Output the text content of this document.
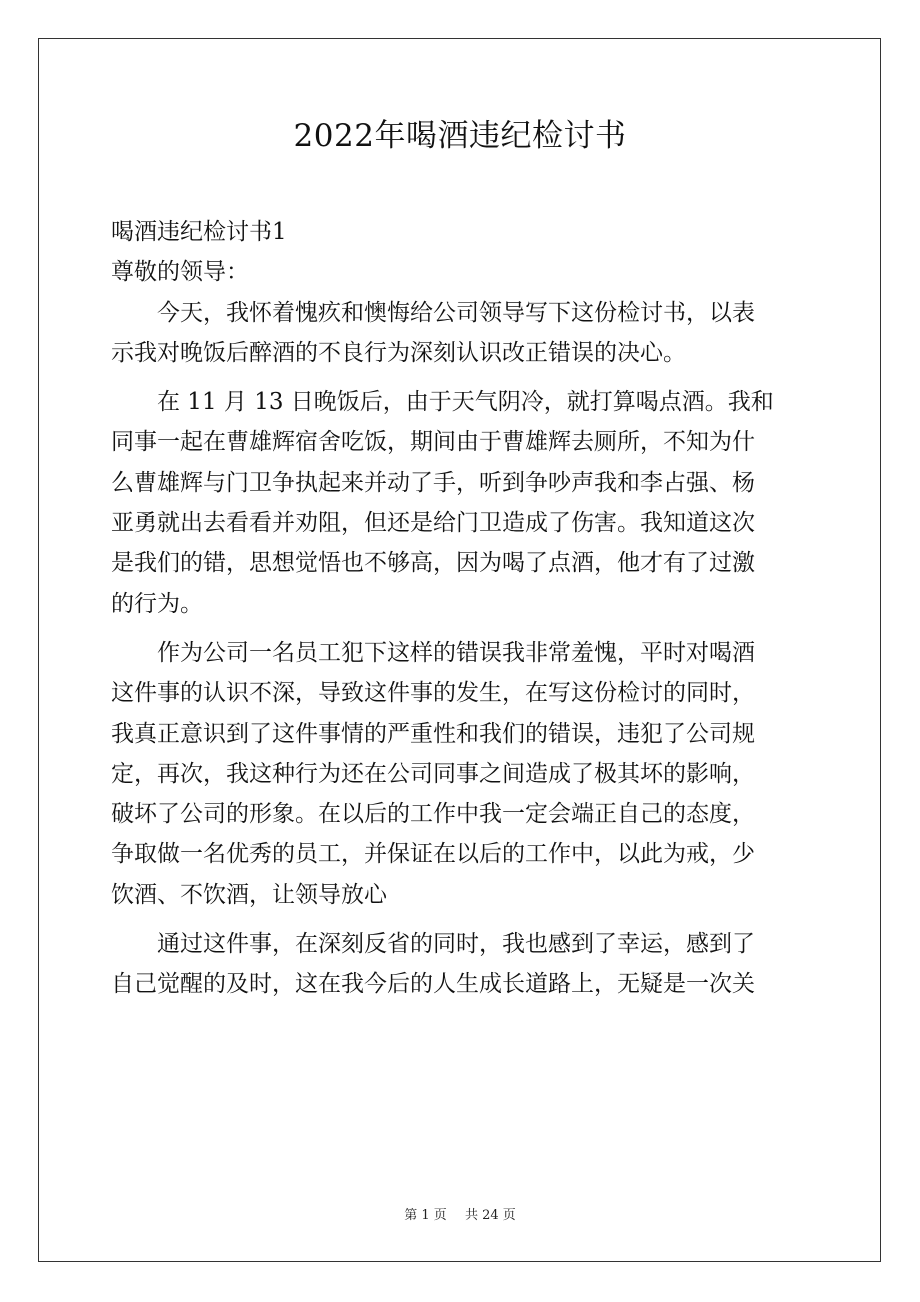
2022年喝酒违纪检讨书
喝酒违纪检讨书1
尊敬的领导：
今天，我怀着愧疚和懊悔给公司领导写下这份检讨书，以表
示我对晚饭后醉酒的不良行为深刻认识改正错误的决心。
在 11 月 13 日晚饭后，由于天气阴冷，就打算喝点酒。我和
同事一起在曹雄辉宿舍吃饭，期间由于曹雄辉去厕所，不知为什
么曹雄辉与门卫争执起来并动了手，听到争吵声我和李占强、杨
亚勇就出去看看并劝阻，但还是给门卫造成了伤害。我知道这次
是我们的错，思想觉悟也不够高，因为喝了点酒，他才有了过激
的行为。
作为公司一名员工犯下这样的错误我非常羞愧，平时对喝酒
这件事的认识不深，导致这件事的发生，在写这份检讨的同时，
我真正意识到了这件事情的严重性和我们的错误，违犯了公司规
定，再次，我这种行为还在公司同事之间造成了极其坏的影响，
破坏了公司的形象。在以后的工作中我一定会端正自己的态度，
争取做一名优秀的员工，并保证在以后的工作中，以此为戒，少
饮酒、不饮酒，让领导放心
通过这件事，在深刻反省的同时，我也感到了幸运，感到了
自己觉醒的及时，这在我今后的人生成长道路上，无疑是一次关
第 1 页 共 24 页
